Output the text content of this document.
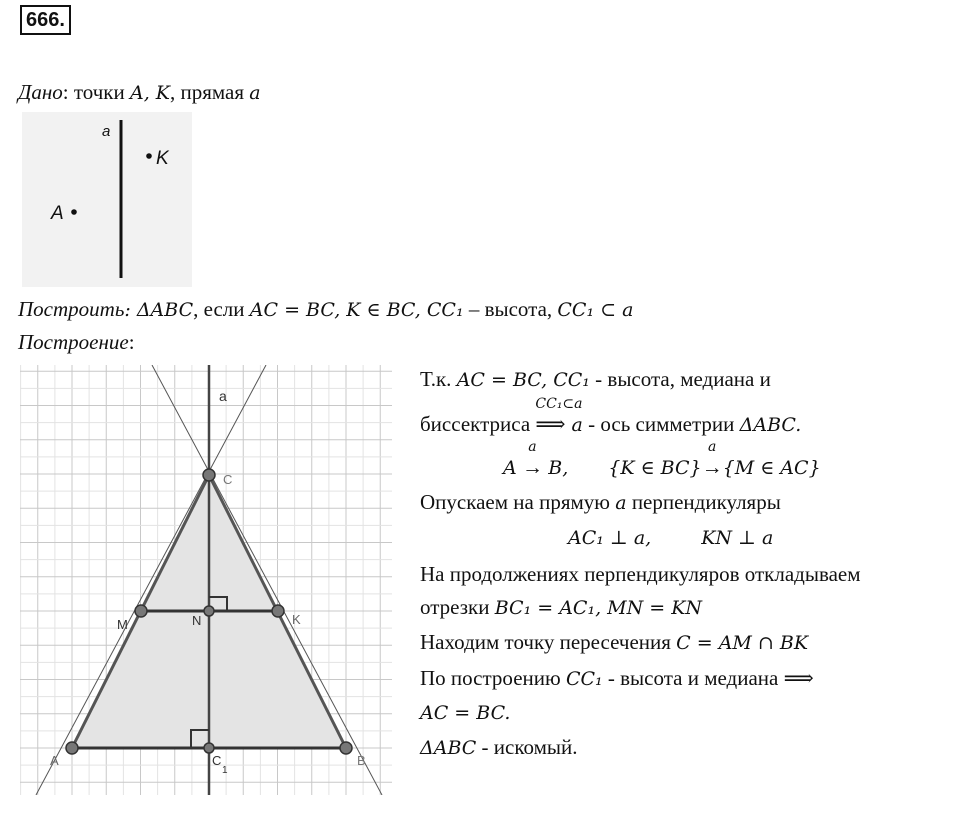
666.
Дано: точки A, K, прямая a
a
K
A
Построить: ΔABC, если AC = BC, K ∈ BC, CC₁ – высота, CC₁ ⊂ a
Построение:
a
C
M	N	K
A	C
1
B
Т.к. AC = BC, CC₁ - высота, медиана и
биссектриса
CC₁⊂a
⟹ a - ось симметрии ΔABC.
A
a
→ B, {K ∈ BC}
a
→{M ∈ AC}
Опускаем на прямую a перпендикуляры
AC₁ ⊥ a,	KN ⊥ a
На продолжениях перпендикуляров откладываем
отрезки BC₁ = AC₁, MN = KN
Находим точку пересечения C = AM ∩ BK
По построению CC₁ - высота и медиана ⟹
AC = BC.
ΔABC - искомый.
